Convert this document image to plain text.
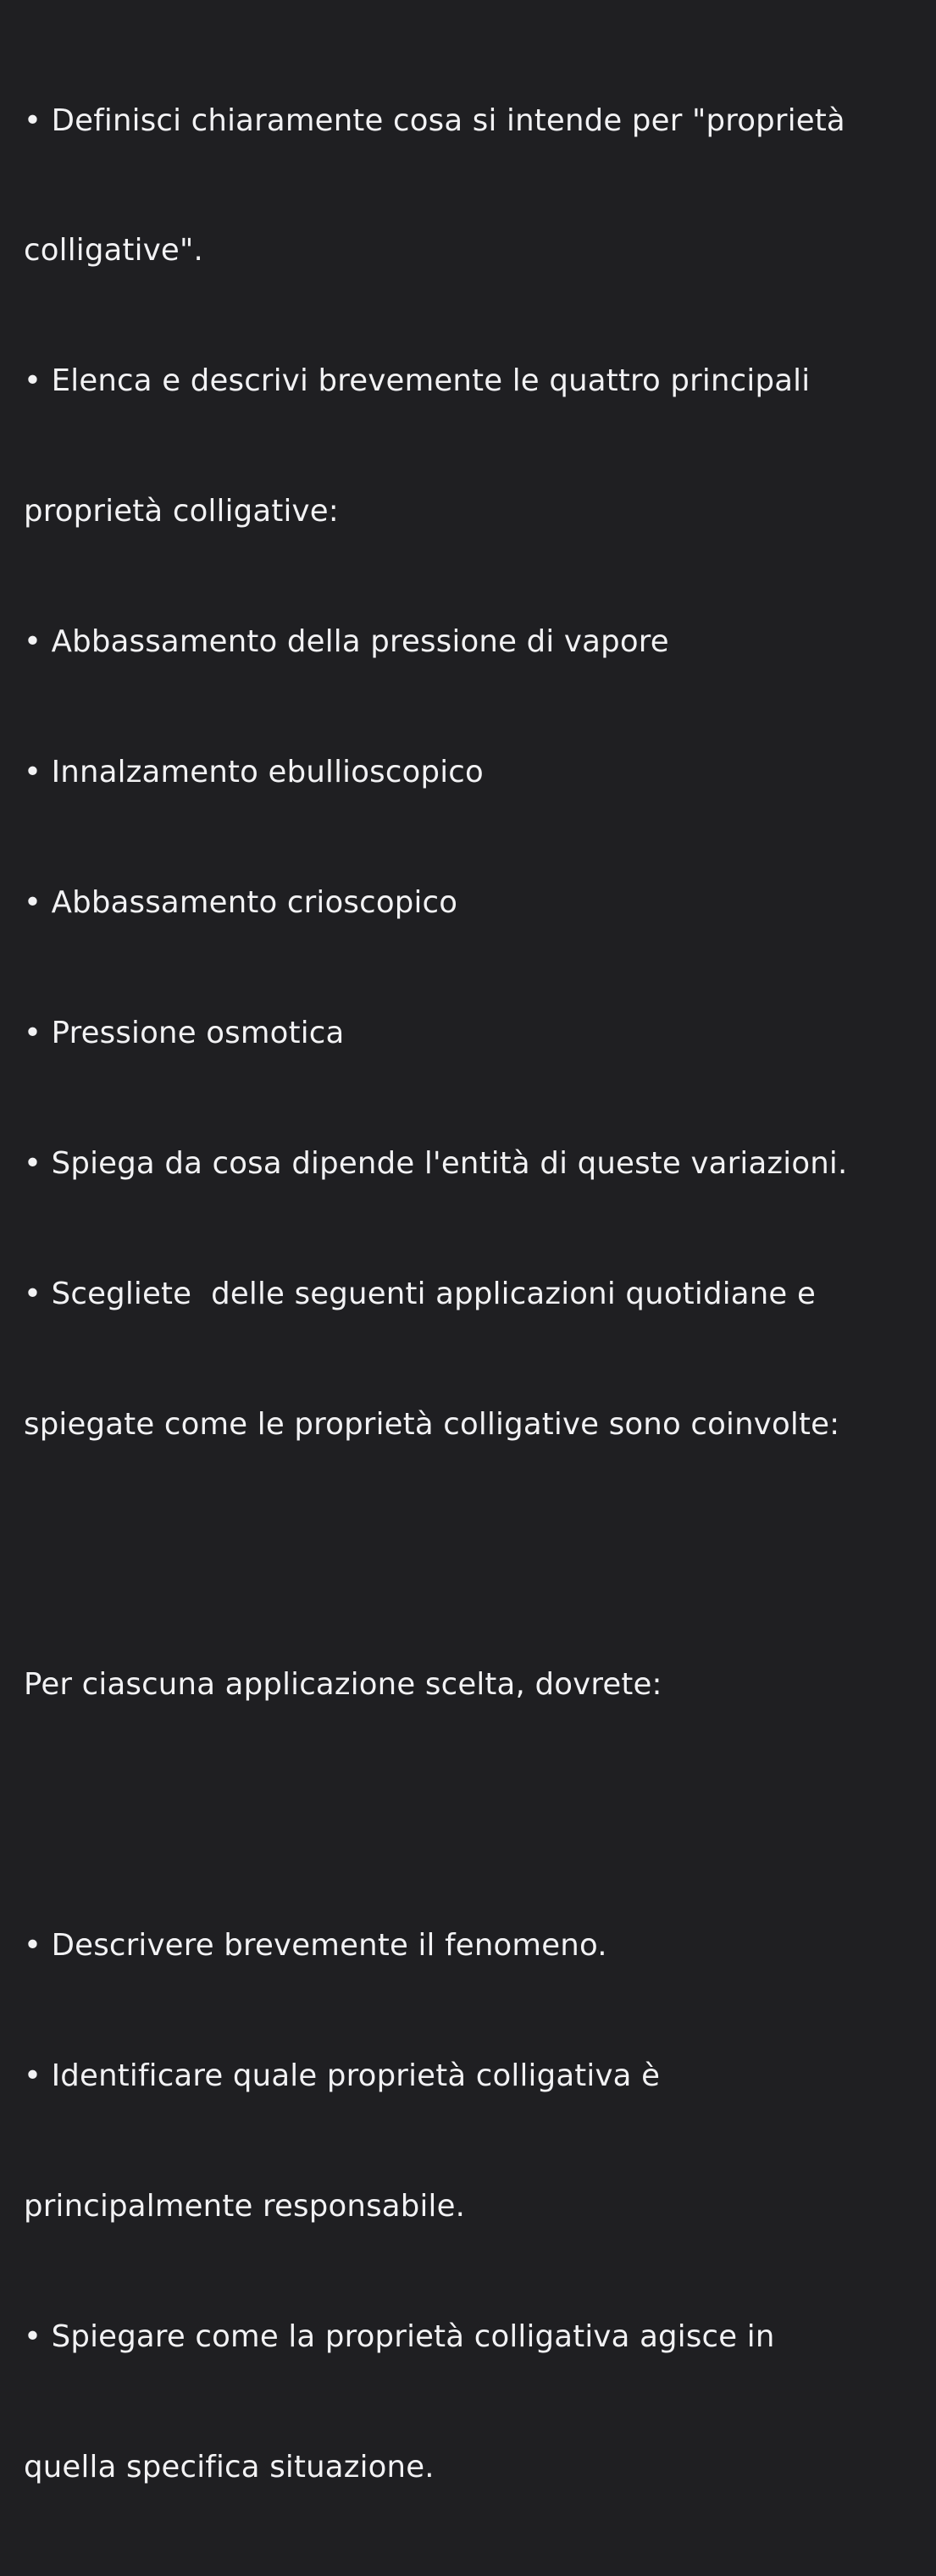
• Definisci chiaramente cosa si intende per "proprietà

colligative".

• Elenca e descrivi brevemente le quattro principali

proprietà colligative:

• Abbassamento della pressione di vapore

• Innalzamento ebullioscopico

• Abbassamento crioscopico

• Pressione osmotica

• Spiega da cosa dipende l'entità di queste variazioni.

• Scegliete  delle seguenti applicazioni quotidiane e

spiegate come le proprietà colligative sono coinvolte:

Per ciascuna applicazione scelta, dovrete:

• Descrivere brevemente il fenomeno.

• Identificare quale proprietà colligativa è

principalmente responsabile.

• Spiegare come la proprietà colligativa agisce in

quella specifica situazione.
